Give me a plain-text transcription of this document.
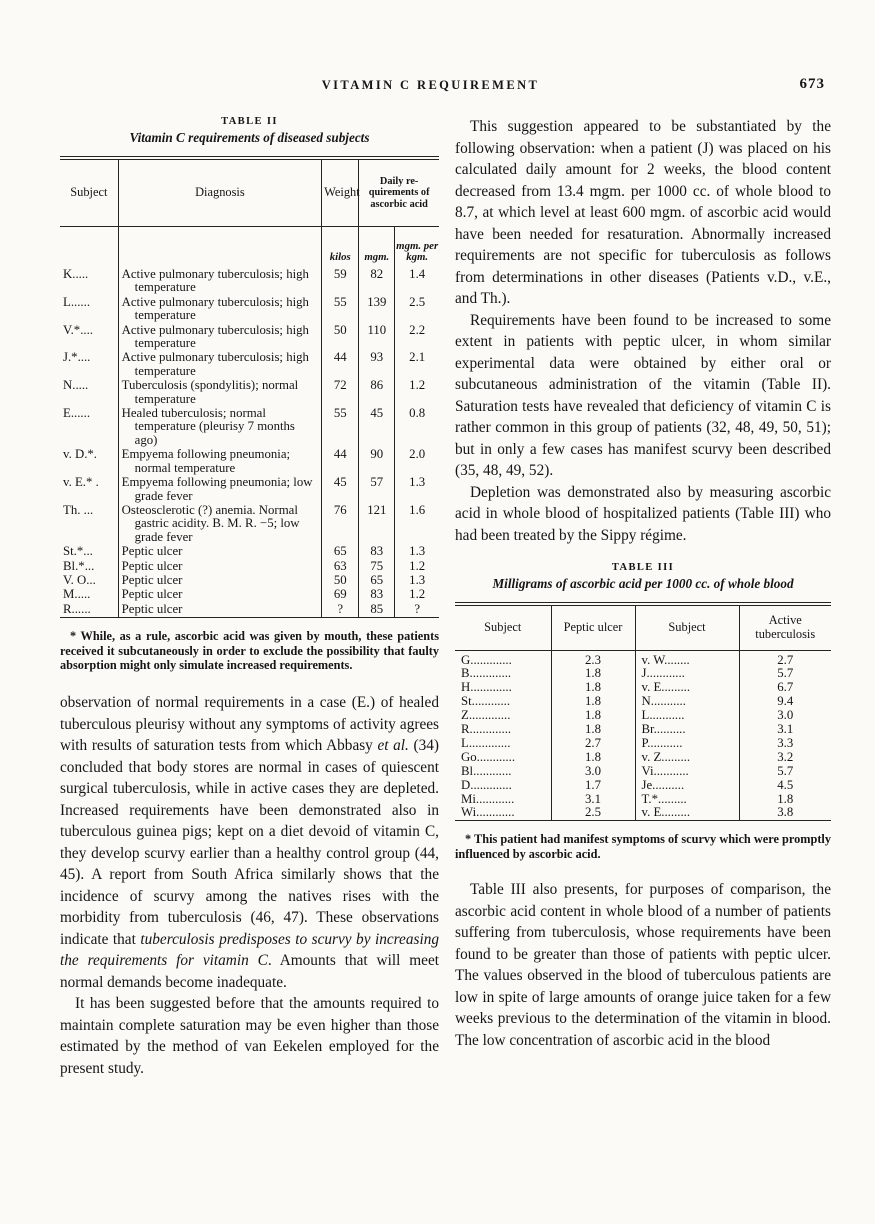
VITAMIN C REQUIREMENT	673
TABLE II
Vitamin C requirements of diseased subjects
Subject	Diagnosis	Weight	Daily re- quirements of ascorbic acid	
		kilos	mgm.	mgm. per kgm.
K.....	Active pulmonary tuberculosis; high temperature	59	82	1.4
L......	Active pulmonary tuberculosis; high temperature	55	139	2.5
V.*....	Active pulmonary tuberculosis; high temperature	50	110	2.2
J.*....	Active pulmonary tuberculosis; high temperature	44	93	2.1
N.....	Tuberculosis (spondylitis); normal temperature	72	86	1.2
E......	Healed tuberculosis; normal temperature (pleurisy 7 months ago)	55	45	0.8
v. D.*.	Empyema following pneumonia; normal temperature	44	90	2.0
v. E.* .	Empyema following pneumonia; low grade fever	45	57	1.3
Th. ...	Osteosclerotic (?) anemia. Normal gastric acidity. B. M. R. −5; low grade fever	76	121	1.6
St.*...	Peptic ulcer	65	83	1.3
Bl.*...	Peptic ulcer	63	75	1.2
V. O...	Peptic ulcer	50	65	1.3
M.....	Peptic ulcer	69	83	1.2
R......	Peptic ulcer	?	85	?

* While, as a rule, ascorbic acid was given by mouth, these patients received it subcutaneously in order to exclude the possibility that faulty absorption might only simulate increased requirements.

observation of normal requirements in a case (E.) of healed tuberculous pleurisy without any symptoms of activity agrees with results of saturation tests from which Abbasy et al. (34) concluded that body stores are normal in cases of quiescent surgical tuberculosis, while in active cases they are depleted. Increased requirements have been demonstrated also in tuberculous guinea pigs; kept on a diet devoid of vitamin C, they develop scurvy earlier than a healthy control group (44, 45). A report from South Africa similarly shows that the incidence of scurvy among the natives rises with the morbidity from tuberculosis (46, 47). These observations indicate that tuberculosis predisposes to scurvy by increasing the requirements for vitamin C. Amounts that will meet normal demands become inadequate.

It has been suggested before that the amounts required to maintain complete saturation may be even higher than those estimated by the method of van Eekelen employed for the present study.

This suggestion appeared to be substantiated by the following observation: when a patient (J) was placed on his calculated daily amount for 2 weeks, the blood content decreased from 13.4 mgm. per 1000 cc. of whole blood to 8.7, at which level at least 600 mgm. of ascorbic acid would have been needed for resaturation. Abnormally increased requirements are not specific for tuberculosis as follows from determinations in other diseases (Patients v.D., v.E., and Th.).

Requirements have been found to be increased to some extent in patients with peptic ulcer, in whom similar experimental data were obtained by either oral or subcutaneous administration of the vitamin (Table II). Saturation tests have revealed that deficiency of vitamin C is rather common in this group of patients (32, 48, 49, 50, 51); but in only a few cases has manifest scurvy been described (35, 48, 49, 52).

Depletion was demonstrated also by measuring ascorbic acid in whole blood of hospitalized patients (Table III) who had been treated by the Sippy régime.

TABLE III
Milligrams of ascorbic acid per 1000 cc. of whole blood
Subject	Peptic ulcer	Subject	Active tuberculosis
G.............	2.3	v. W........	2.7
B.............	1.8	J............	5.7
H.............	1.8	v. E.........	6.7
St............	1.8	N...........	9.4
Z.............	1.8	L...........	3.0
R.............	1.8	Br..........	3.1
L.............	2.7	P...........	3.3
Go............	1.8	v. Z.........	3.2
Bl............	3.0	Vi...........	5.7
D.............	1.7	Je..........	4.5
Mi............	3.1	T.*.........	1.8
Wi............	2.5	v. E.........	3.8

* This patient had manifest symptoms of scurvy which were promptly influenced by ascorbic acid.

Table III also presents, for purposes of comparison, the ascorbic acid content in whole blood of a number of patients suffering from tuberculosis, whose requirements have been found to be greater than those of patients with peptic ulcer. The values observed in the blood of tuberculous patients are low in spite of large amounts of orange juice taken for a few weeks previous to the determination of the vitamin in blood. The low concentration of ascorbic acid in the blood
